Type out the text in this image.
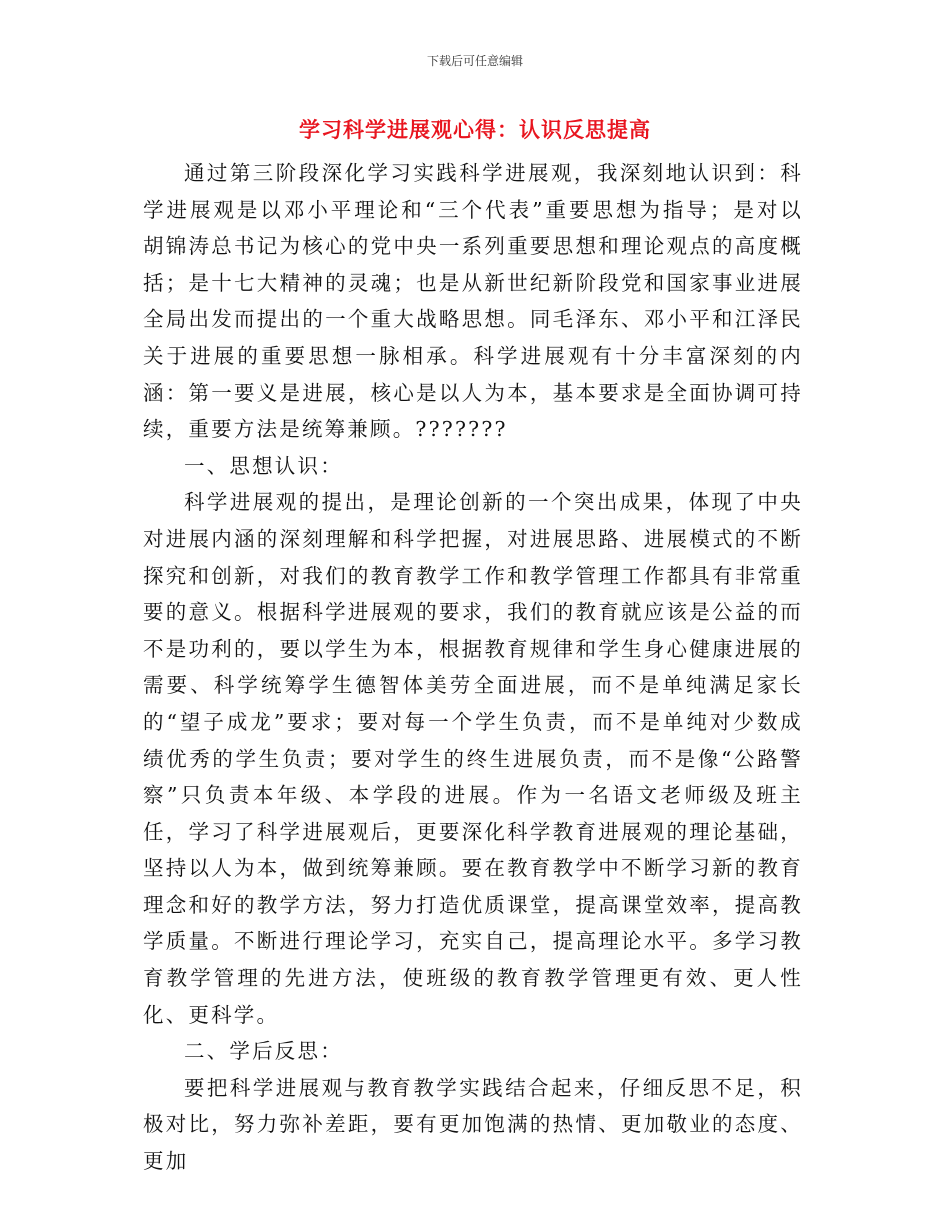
下载后可任意编辑
学习科学进展观心得：认识反思提高

通过第三阶段深化学习实践科学进展观，我深刻地认识到：科学进展观是以邓小平理论和“三个代表”重要思想为指导；是对以胡锦涛总书记为核心的党中央一系列重要思想和理论观点的高度概括；是十七大精神的灵魂；也是从新世纪新阶段党和国家事业进展全局出发而提出的一个重大战略思想。同毛泽东、邓小平和江泽民关于进展的重要思想一脉相承。科学进展观有十分丰富深刻的内涵：第一要义是进展，核心是以人为本，基本要求是全面协调可持续，重要方法是统筹兼顾。???????

一、思想认识：

科学进展观的提出，是理论创新的一个突出成果，体现了中央对进展内涵的深刻理解和科学把握，对进展思路、进展模式的不断探究和创新，对我们的教育教学工作和教学管理工作都具有非常重要的意义。根据科学进展观的要求，我们的教育就应该是公益的而不是功利的，要以学生为本，根据教育规律和学生身心健康进展的需要、科学统筹学生德智体美劳全面进展，而不是单纯满足家长的“望子成龙”要求；要对每一个学生负责，而不是单纯对少数成绩优秀的学生负责；要对学生的终生进展负责，而不是像“公路警察”只负责本年级、本学段的进展。作为一名语文老师级及班主任，学习了科学进展观后，更要深化科学教育进展观的理论基础，坚持以人为本，做到统筹兼顾。要在教育教学中不断学习新的教育理念和好的教学方法，努力打造优质课堂，提高课堂效率，提高教学质量。不断进行理论学习，充实自己，提高理论水平。多学习教育教学管理的先进方法，使班级的教育教学管理更有效、更人性化、更科学。

二、学后反思：

要把科学进展观与教育教学实践结合起来，仔细反思不足，积极对比，努力弥补差距，要有更加饱满的热情、更加敬业的态度、更加
